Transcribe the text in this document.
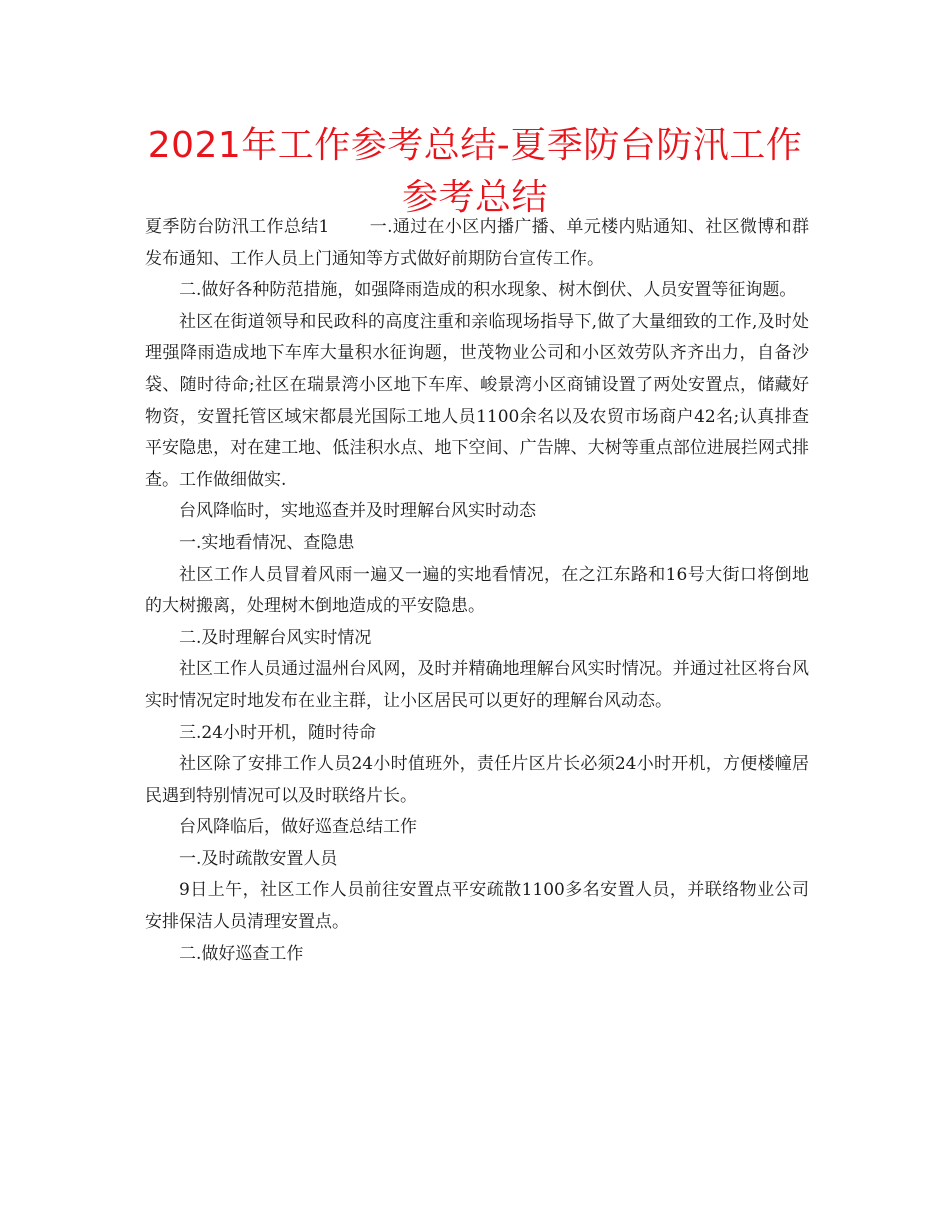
2021年工作参考总结-夏季防台防汛工作参考总结

夏季防台防汛工作总结1 一.通过在小区内播广播、单元楼内贴通知、社区微博和群发布通知、工作人员上门通知等方式做好前期防台宣传工作。

二.做好各种防范措施，如强降雨造成的积水现象、树木倒伏、人员安置等征询题。

社区在街道领导和民政科的高度注重和亲临现场指导下,做了大量细致的工作,及时处理强降雨造成地下车库大量积水征询题，世茂物业公司和小区效劳队齐齐出力，自备沙袋、随时待命;社区在瑞景湾小区地下车库、峻景湾小区商铺设置了两处安置点，储藏好物资，安置托管区域宋都晨光国际工地人员1100余名以及农贸市场商户42名;认真排查平安隐患，对在建工地、低洼积水点、地下空间、广告牌、大树等重点部位进展拦网式排查。工作做细做实.

台风降临时，实地巡查并及时理解台风实时动态

一.实地看情况、查隐患

社区工作人员冒着风雨一遍又一遍的实地看情况，在之江东路和16号大街口将倒地的大树搬离，处理树木倒地造成的平安隐患。

二.及时理解台风实时情况

社区工作人员通过温州台风网，及时并精确地理解台风实时情况。并通过社区将台风实时情况定时地发布在业主群，让小区居民可以更好的理解台风动态。

三.24小时开机，随时待命

社区除了安排工作人员24小时值班外，责任片区片长必须24小时开机，方便楼幢居民遇到特别情况可以及时联络片长。

台风降临后，做好巡查总结工作

一.及时疏散安置人员

9日上午，社区工作人员前往安置点平安疏散1100多名安置人员，并联络物业公司安排保洁人员清理安置点。

二.做好巡查工作
